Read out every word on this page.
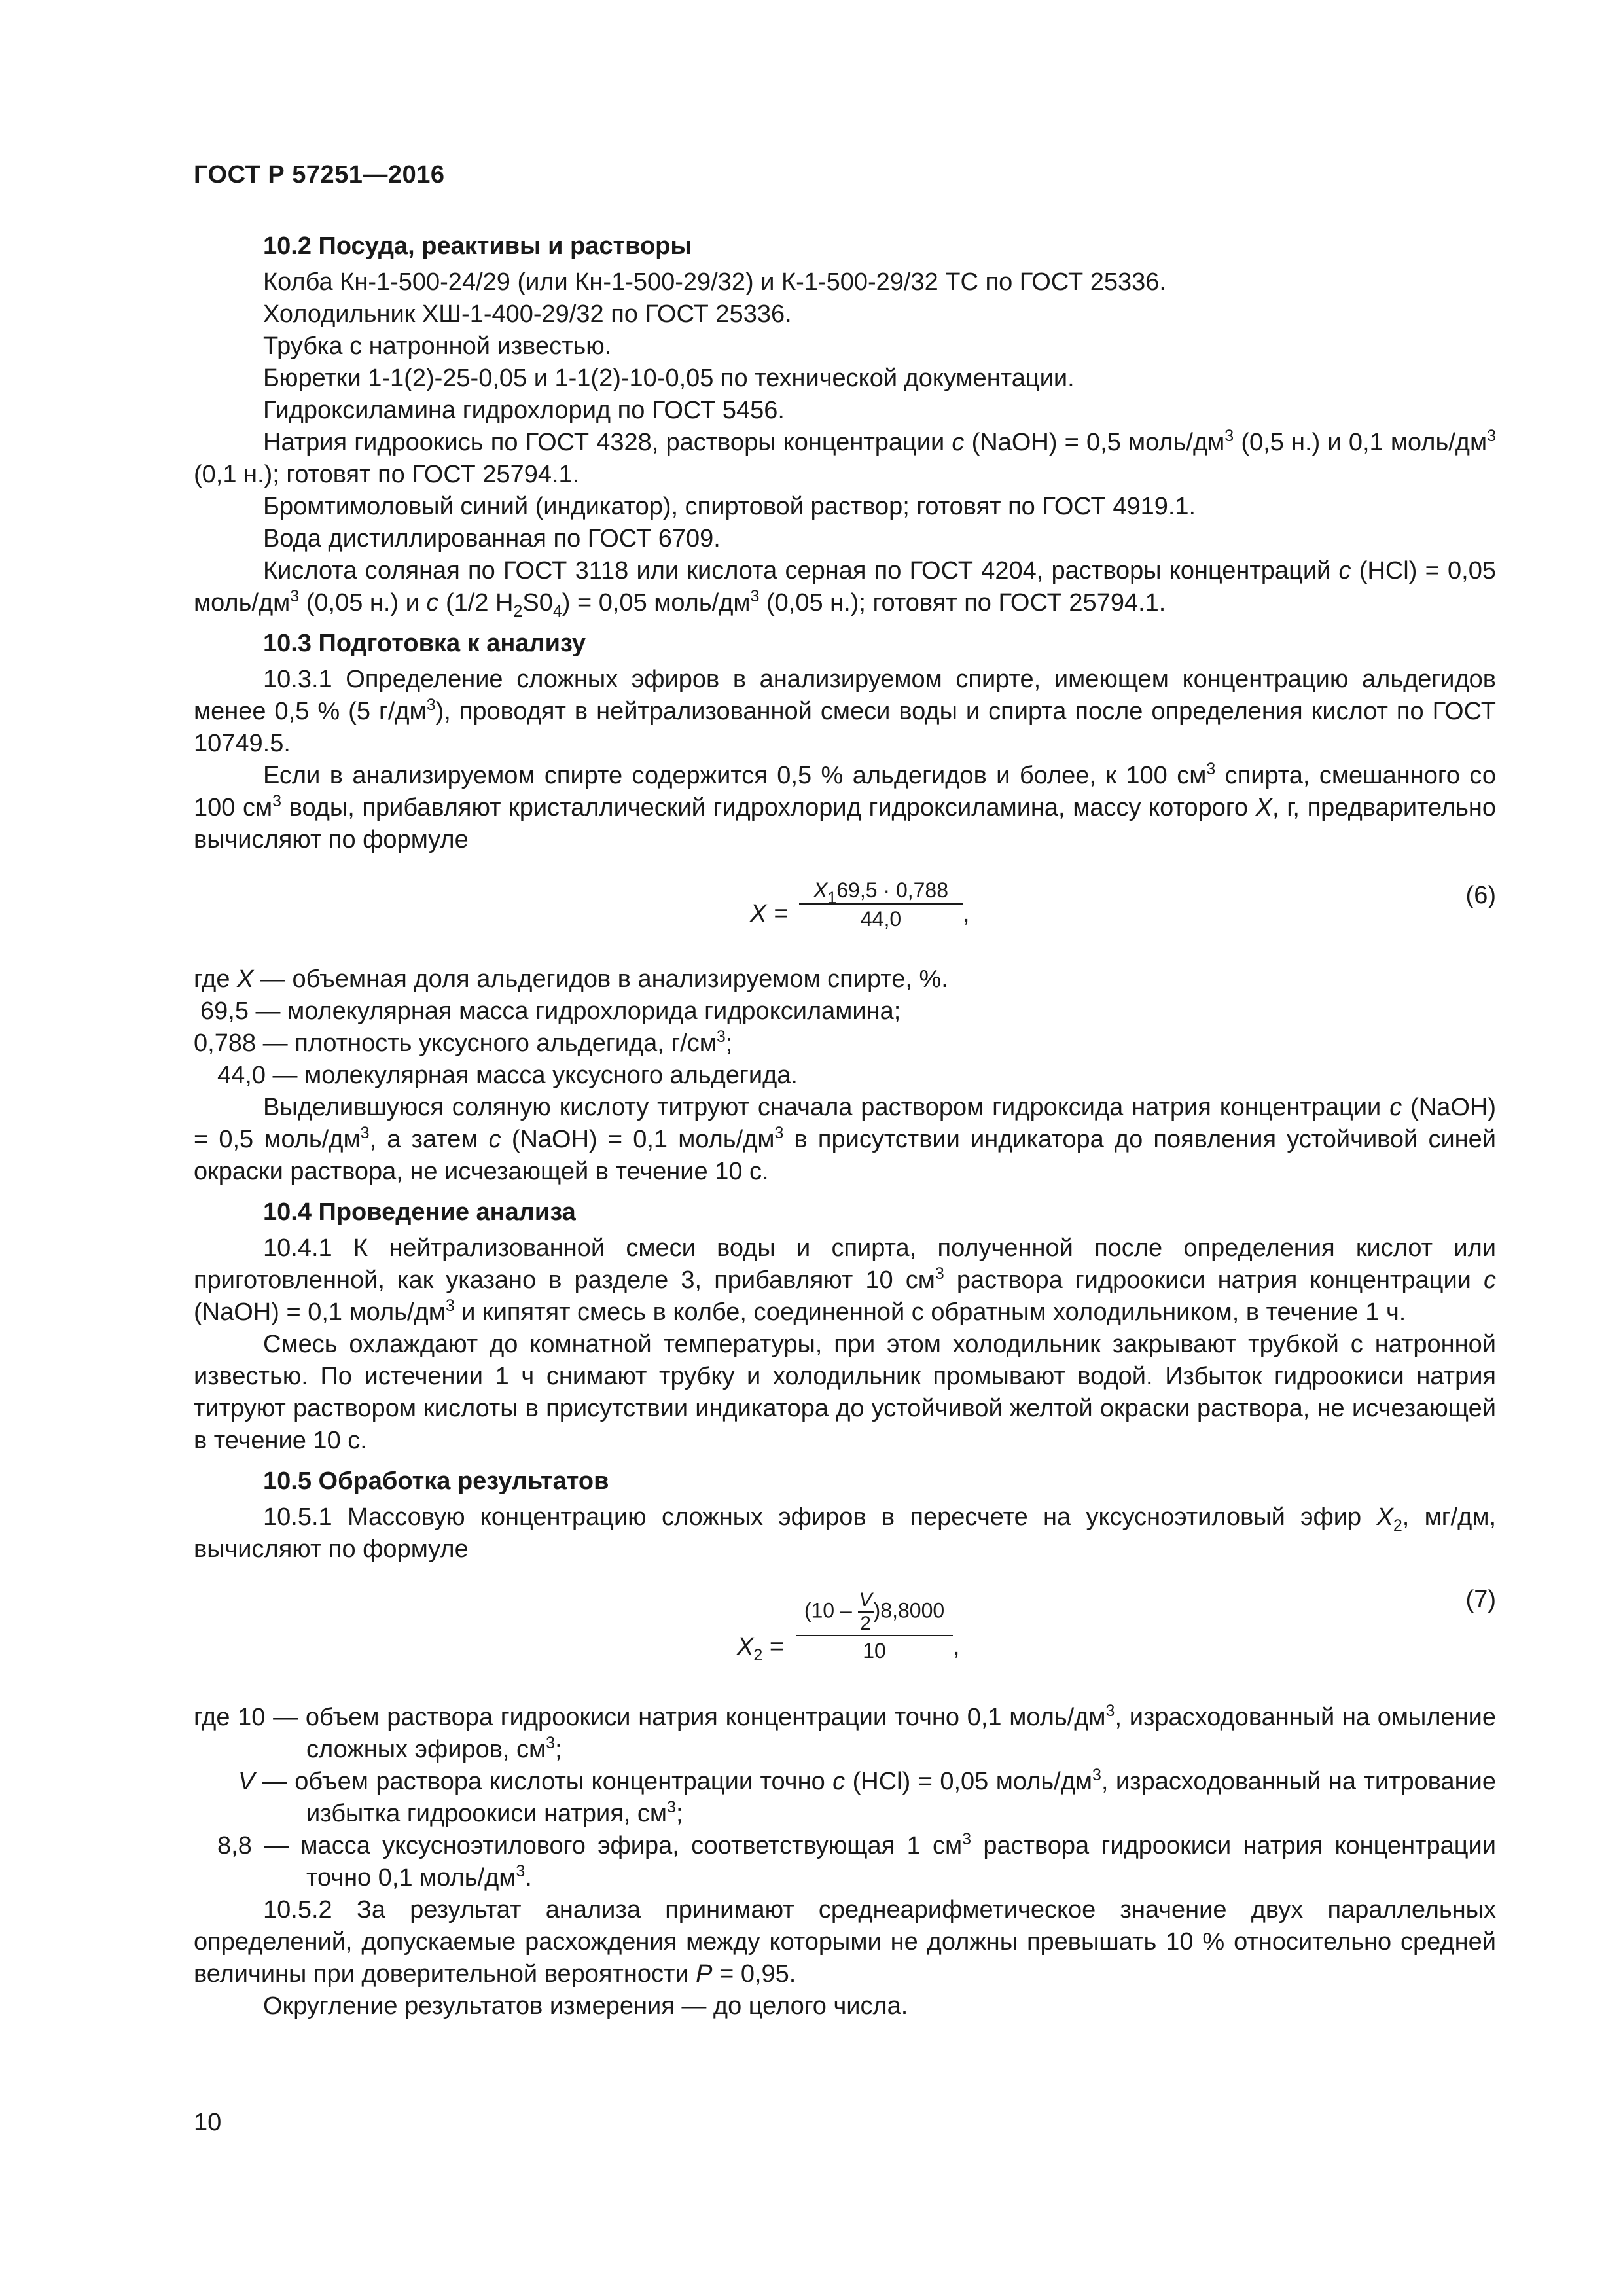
ГОСТ Р 57251—2016

10.2 Посуда, реактивы и растворы

Колба Кн-1-500-24/29 (или Кн-1-500-29/32) и К-1-500-29/32 ТС по ГОСТ 25336.

Холодильник ХШ-1-400-29/32 по ГОСТ 25336.

Трубка с натронной известью.

Бюретки 1-1(2)-25-0,05 и 1-1(2)-10-0,05 по технической документации.

Гидроксиламина гидрохлорид по ГОСТ 5456.

Натрия гидроокись по ГОСТ 4328, растворы концентрации c (NaOH) = 0,5 моль/$дм^3$ (0,5 н.) и 0,1 моль/$дм^3$ (0,1 н.); готовят по ГОСТ 25794.1.

Бромтимоловый синий (индикатор), спиртовой раствор; готовят по ГОСТ 4919.1.

Вода дистиллированная по ГОСТ 6709.

Кислота соляная по ГОСТ 3118 или кислота серная по ГОСТ 4204, растворы концентраций c (HCl) = 0,05 моль/$дм^3$ (0,05 н.) и c (1/2 $H_2S0_4) = 0,05$ моль/$дм^3$ (0,05 н.); готовят по ГОСТ 25794.1.

10.3 Подготовка к анализу

10.3.1 Определение сложных эфиров в анализируемом спирте, имеющем концентрацию альдегидов менее 0,5 % (5 $г/дм^3$), проводят в нейтрализованной смеси воды и спирта после определения кислот по ГОСТ 10749.5.

Если в анализируемом спирте содержится 0,5 % альдегидов и более, к 100 $см^3$ спирта, смешанного со 100 $см^3$ воды, прибавляют кристаллический гидрохлорид гидроксиламина, массу которого X, г, предварительно вычисляют по формуле

$X = \frac{X_169,5 \cdot 0,788}{44,0}$ ,
(6)

где X — объемная доля альдегидов в анализируемом спирте, %.

69,5 — молекулярная масса гидрохлорида гидроксиламина;

0,788 — плотность уксусного альдегида, $г/см^3$;

44,0 — молекулярная масса уксусного альдегида.

Выделившуюся соляную кислоту титруют сначала раствором гидроксида натрия концентрации c (NaOH) = 0,5 моль/$дм^3$, а затем c (NaOH) = 0,1 моль/$дм^3$ в присутствии индикатора до появления устойчивой синей окраски раствора, не исчезающей в течение 10 с.

10.4 Проведение анализа

10.4.1 К нейтрализованной смеси воды и спирта, полученной после определения кислот или приготовленной, как указано в разделе 3, прибавляют 10 $см^3$ раствора гидроокиси натрия концентрации c (NaOH) = 0,1 моль/$дм^3$ и кипятят смесь в колбе, соединенной с обратным холодильником, в течение 1 ч.

Смесь охлаждают до комнатной температуры, при этом холодильник закрывают трубкой с натронной известью. По истечении 1 ч снимают трубку и холодильник промывают водой. Избыток гидроокиси натрия титруют раствором кислоты в присутствии индикатора до устойчивой желтой окраски раствора, не исчезающей в течение 10 с.

10.5 Обработка результатов

10.5.1 Массовую концентрацию сложных эфиров в пересчете на уксусноэтиловый эфир $X_2$, мг/дм, вычисляют по формуле

$X_2 = \frac{(10 - \frac{V}{2} )8,8000}{10}$ ,
(7)

где 10 — объем раствора гидроокиси натрия концентрации точно 0,1 моль/$дм^3$, израсходованный на омыление сложных эфиров, $см^3$;

V — объем раствора кислоты концентрации точно c (HCl) = 0,05 моль/$дм^3$, израсходованный на титрование избытка гидроокиси натрия, $см^3$;

8,8 — масса уксусноэтилового эфира, соответствующая 1 $см^3$ раствора гидроокиси натрия концентрации точно 0,1 моль/$дм^3$.

10.5.2 За результат анализа принимают среднеарифметическое значение двух параллельных определений, допускаемые расхождения между которыми не должны превышать 10 % относительно средней величины при доверительной вероятности P = 0,95.

Округление результатов измерения — до целого числа.

10
